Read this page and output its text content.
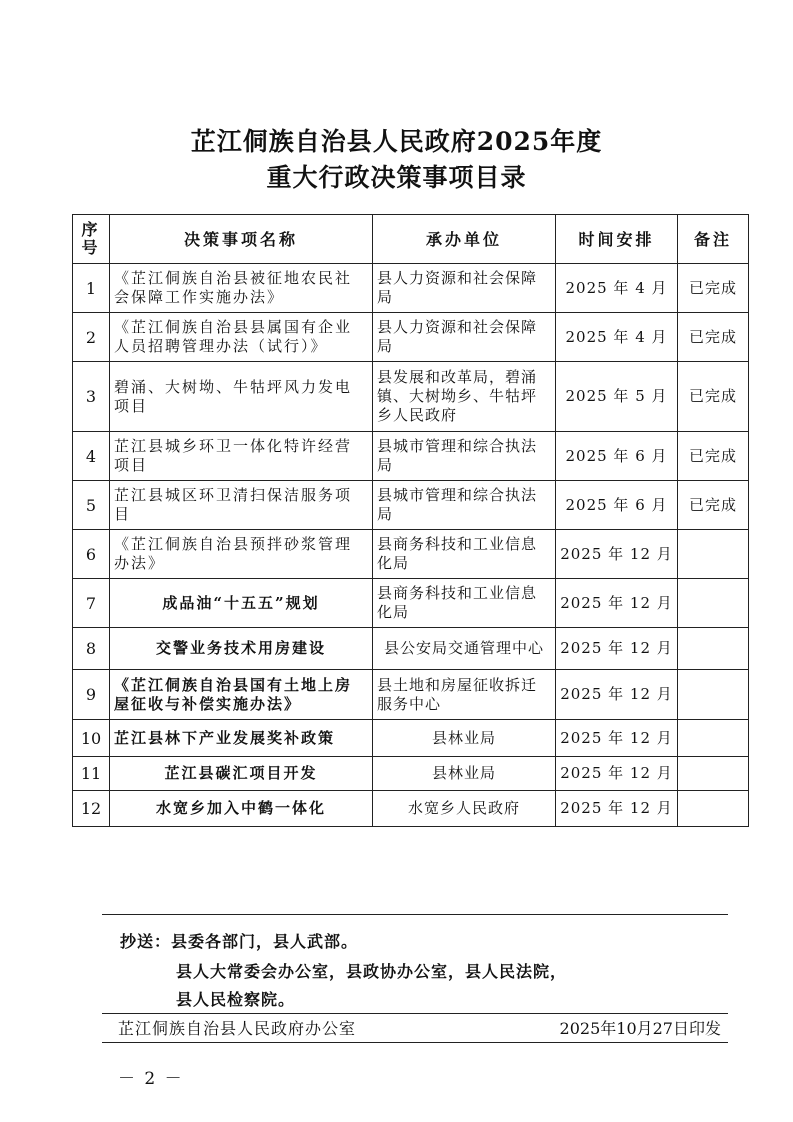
芷江侗族自治县人民政府2025年度
重大行政决策事项目录
序
号	决策事项名称	承办单位	时间安排	备注
1	《芷江侗族自治县被征地农民社会保障工作实施办法》	县人力资源和社会保障局	2025 年 4 月	已完成
2	《芷江侗族自治县县属国有企业人员招聘管理办法（试行）》	县人力资源和社会保障局	2025 年 4 月	已完成
3	碧涌、大树坳、牛牯坪风力发电项目	县发展和改革局，碧涌镇、大树坳乡、牛牯坪乡人民政府	2025 年 5 月	已完成
4	芷江县城乡环卫一体化特许经营项目	县城市管理和综合执法局	2025 年 6 月	已完成
5	芷江县城区环卫清扫保洁服务项目	县城市管理和综合执法局	2025 年 6 月	已完成
6	《芷江侗族自治县预拌砂浆管理办法》	县商务科技和工业信息化局	2025 年 12 月	
7	成品油“十五五”规划	县商务科技和工业信息化局	2025 年 12 月	
8	交警业务技术用房建设	县公安局交通管理中心	2025 年 12 月	
9	《芷江侗族自治县国有土地上房屋征收与补偿实施办法》	县土地和房屋征收拆迁服务中心	2025 年 12 月	
10	芷江县林下产业发展奖补政策	县林业局	2025 年 12 月	
11	芷江县碳汇项目开发	县林业局	2025 年 12 月	
12	水宽乡加入中鹤一体化	水宽乡人民政府	2025 年 12 月	
抄送：县委各部门，县人武部。
县人大常委会办公室，县政协办公室，县人民法院，
县人民检察院。
芷江侗族自治县人民政府办公室	2025年10月27日印发
－ 2 －
